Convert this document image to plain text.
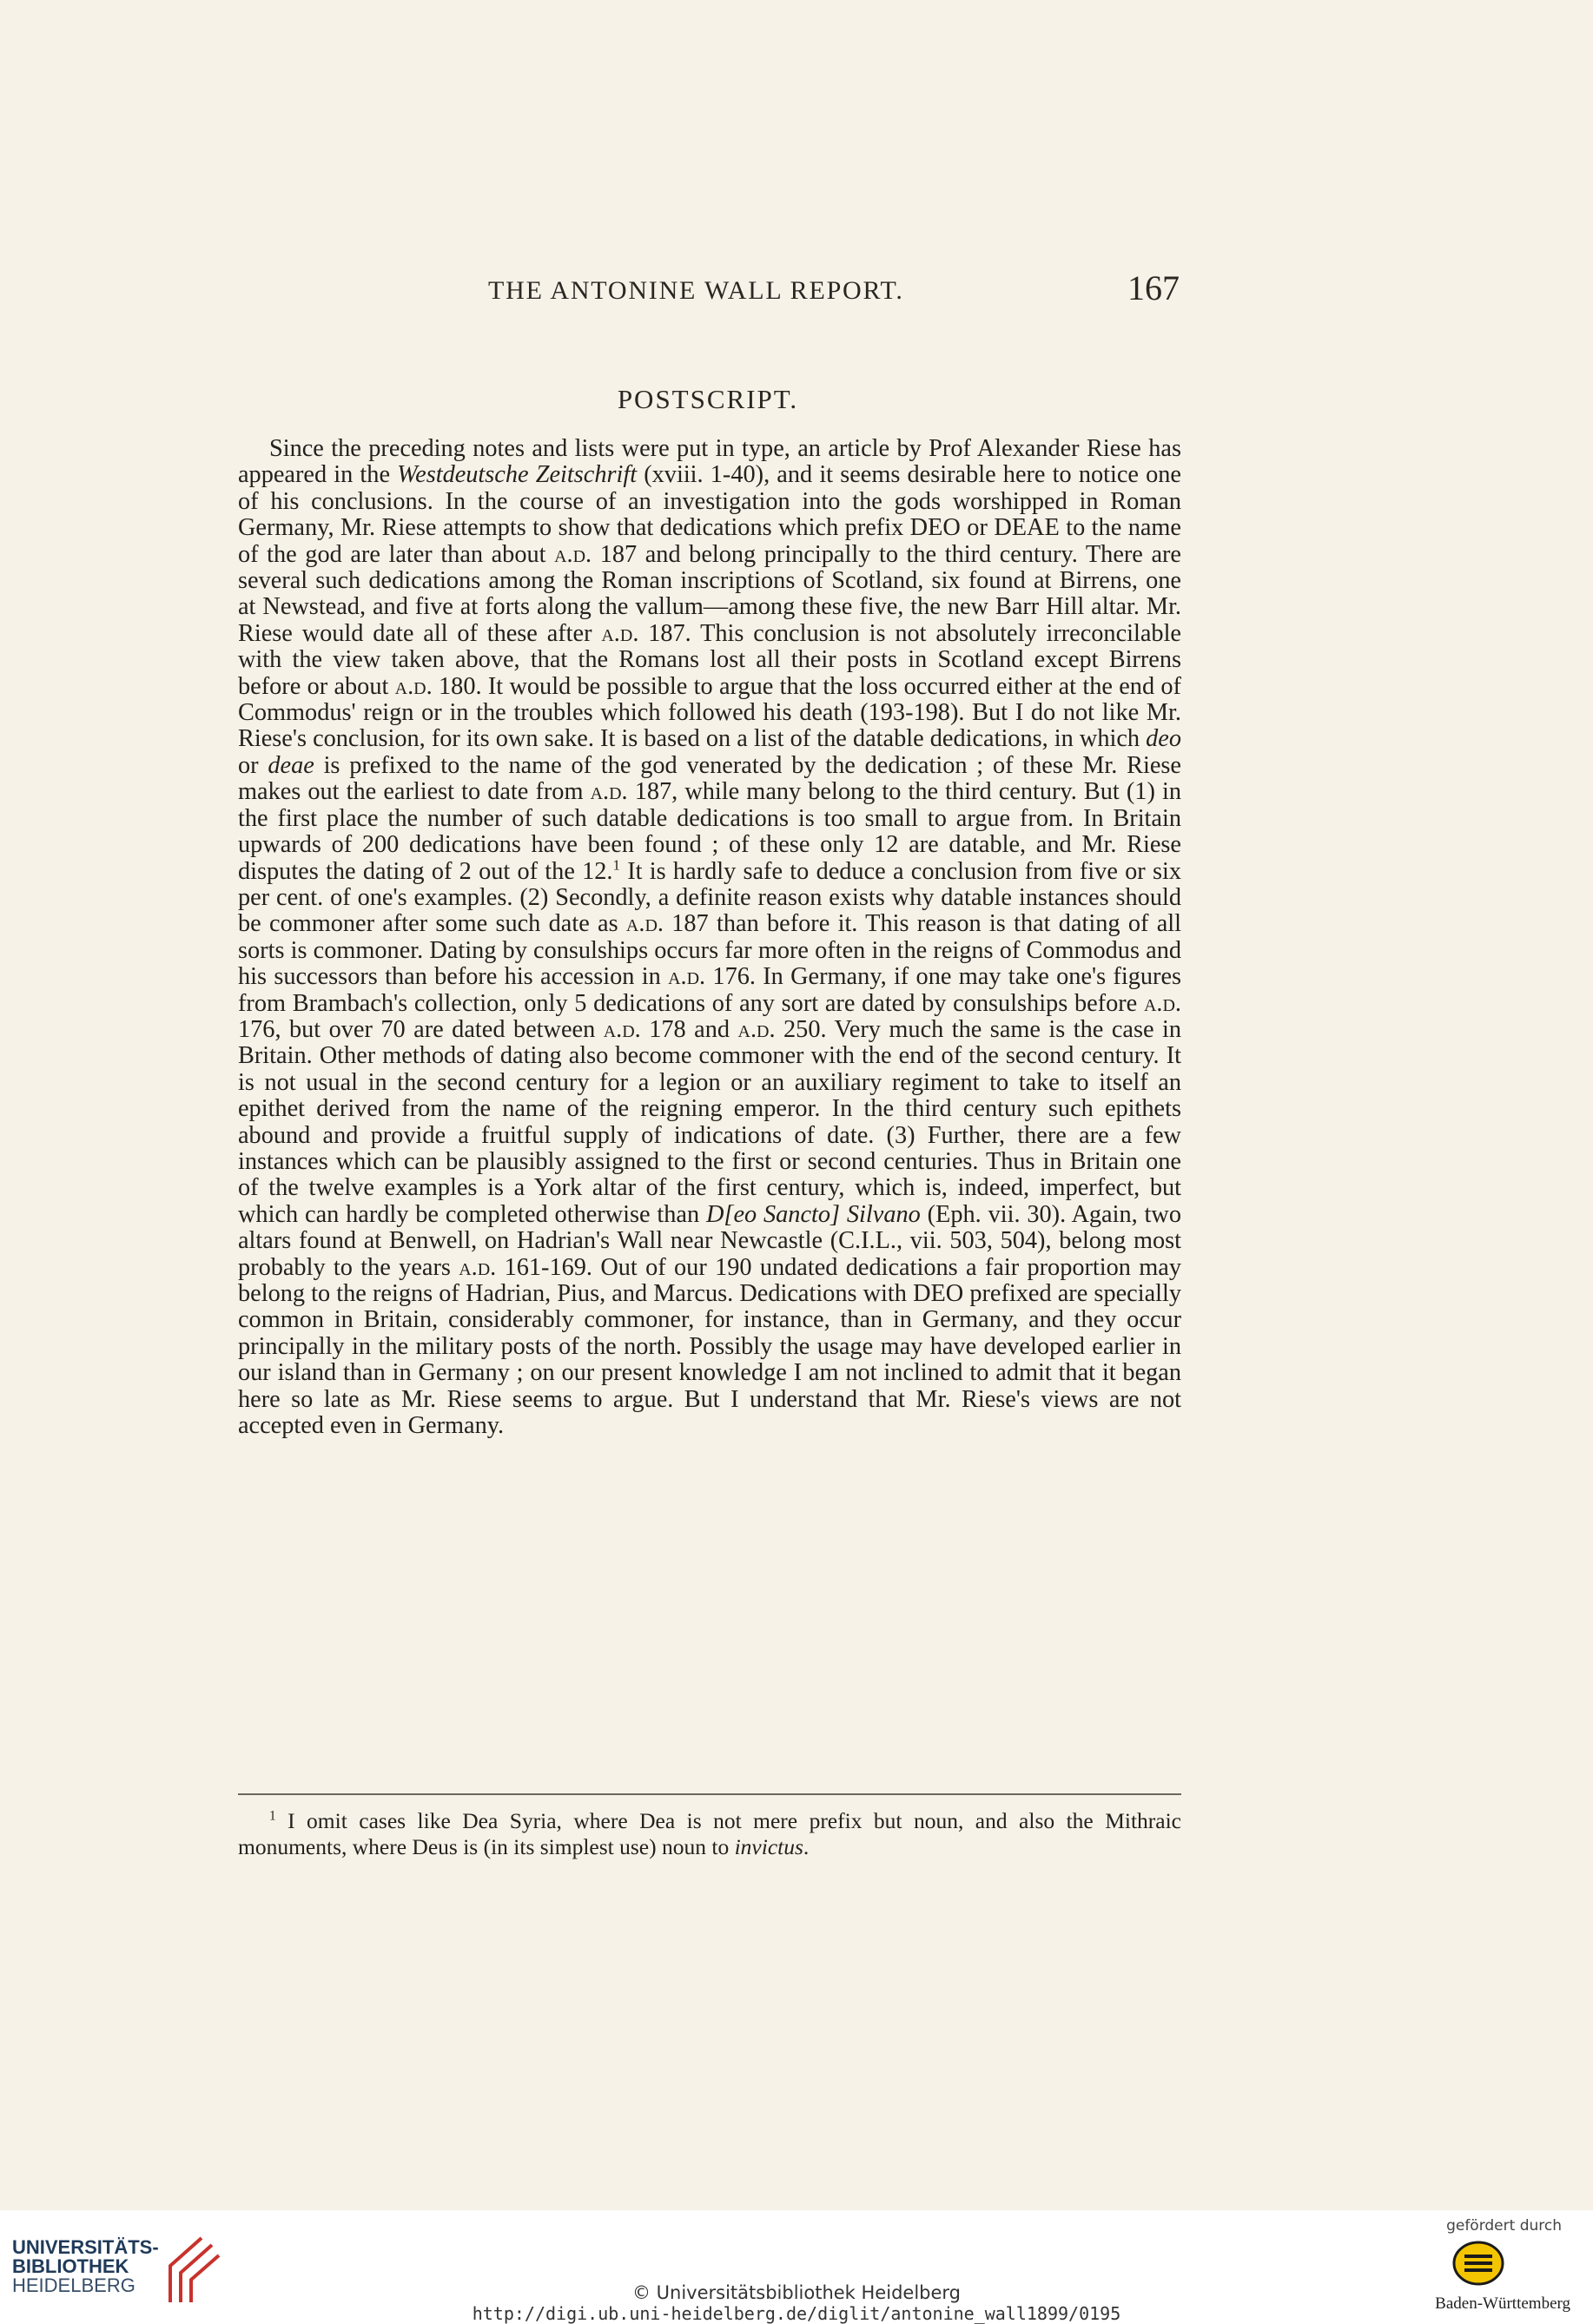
THE ANTONINE WALL REPORT.	167
POSTSCRIPT.

Since the preceding notes and lists were put in type, an article by Prof Alexander Riese has appeared in the Westdeutsche Zeitschrift (xviii. 1-40), and it seems desirable here to notice one of his conclusions. In the course of an investigation into the gods worshipped in Roman Germany, Mr. Riese attempts to show that dedications which prefix DEO or DEAE to the name of the god are later than about a.d. 187 and belong principally to the third century. There are several such dedications among the Roman inscriptions of Scotland, six found at Birrens, one at Newstead, and five at forts along the vallum—among these five, the new Barr Hill altar. Mr. Riese would date all of these after a.d. 187. This conclusion is not absolutely irreconcilable with the view taken above, that the Romans lost all their posts in Scotland except Birrens before or about a.d. 180. It would be possible to argue that the loss occurred either at the end of Commodus' reign or in the troubles which followed his death (193-198). But I do not like Mr. Riese's conclusion, for its own sake. It is based on a list of the datable dedications, in which deo or deae is prefixed to the name of the god venerated by the dedication ; of these Mr. Riese makes out the earliest to date from a.d. 187, while many belong to the third century. But (1) in the first place the number of such datable dedications is too small to argue from. In Britain upwards of 200 dedications have been found ; of these only 12 are datable, and Mr. Riese disputes the dating of 2 out of the 12.$^1$ It is hardly safe to deduce a conclusion from five or six per cent. of one's examples. (2) Secondly, a definite reason exists why datable instances should be commoner after some such date as a.d. 187 than before it. This reason is that dating of all sorts is commoner. Dating by consulships occurs far more often in the reigns of Commodus and his successors than before his accession in a.d. 176. In Germany, if one may take one's figures from Brambach's collection, only 5 dedications of any sort are dated by consulships before a.d. 176, but over 70 are dated between a.d. 178 and a.d. 250. Very much the same is the case in Britain. Other methods of dating also become commoner with the end of the second century. It is not usual in the second century for a legion or an auxiliary regiment to take to itself an epithet derived from the name of the reigning emperor. In the third century such epithets abound and provide a fruitful supply of indications of date. (3) Further, there are a few instances which can be plausibly assigned to the first or second centuries. Thus in Britain one of the twelve examples is a York altar of the first century, which is, indeed, imperfect, but which can hardly be completed otherwise than D[eo Sancto] Silvano (Eph. vii. 30). Again, two altars found at Benwell, on Hadrian's Wall near Newcastle (C.I.L., vii. 503, 504), belong most probably to the years a.d. 161-169. Out of our 190 undated dedications a fair proportion may belong to the reigns of Hadrian, Pius, and Marcus. Dedications with DEO prefixed are specially common in Britain, considerably commoner, for instance, than in Germany, and they occur principally in the military posts of the north. Possibly the usage may have developed earlier in our island than in Germany ; on our present knowledge I am not inclined to admit that it began here so late as Mr. Riese seems to argue. But I understand that Mr. Riese's views are not accepted even in Germany.

$^1$ I omit cases like Dea Syria, where Dea is not mere prefix but noun, and also the Mithraic monuments, where Deus is (in its simplest use) noun to invictus.

UNIVERSITÄTS-
BIBLIOTHEK
HEIDELBERG	© Universitätsbibliothek Heidelberg
http://digi.ub.uni-heidelberg.de/diglit/antonine_wall1899/0195
gefördert durch
Baden-Württemberg
